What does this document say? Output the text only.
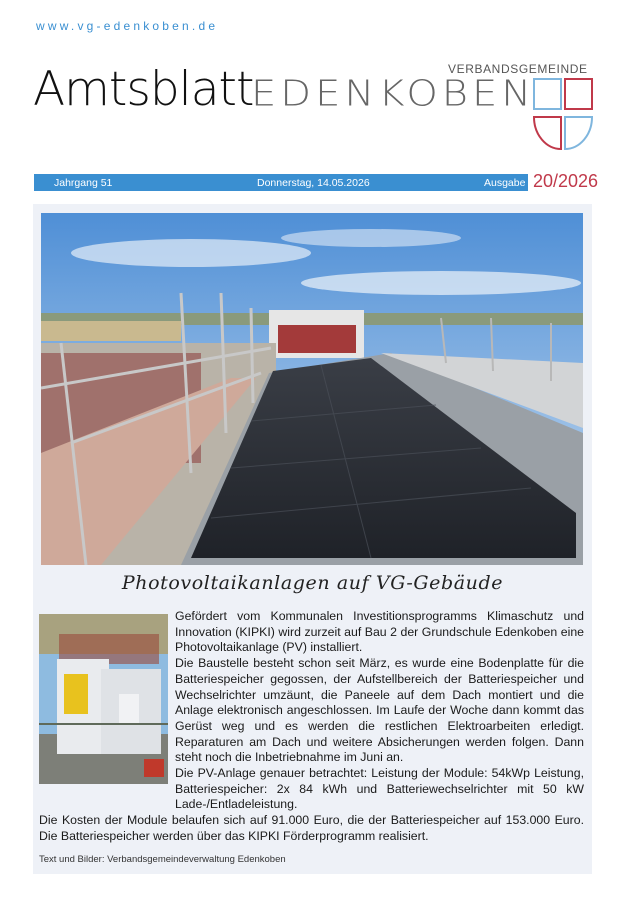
www.vg-edenkoben.de
Amtsblatt	VERBANDSGEMEINDE
EDENKOBEN
Jahrgang 51	Donnerstag, 14.05.2026	Ausgabe 20/2026
Photovoltaikanlagen auf VG-Gebäude

Gefördert vom Kommunalen Investitionsprogramms Klimaschutz und Innovation (KIPKI) wird zurzeit auf Bau 2 der Grundschule Edenkoben eine Photovoltaikanlage (PV) installiert.

Die Baustelle besteht schon seit März, es wurde eine Bodenplatte für die Batteriespeicher gegossen, der Aufstellbereich der Batteriespeicher und Wechselrichter umzäunt, die Paneele auf dem Dach montiert und die Anlage elektronisch angeschlossen. Im Laufe der Woche dann kommt das Gerüst weg und es werden die restlichen Elektroarbeiten erledigt. Reparaturen am Dach und weitere Absicherungen werden folgen. Dann steht noch die Inbetriebnahme im Juni an.

Die PV-Anlage genauer betrachtet: Leistung der Module: 54kWp Leistung, Batteriespeicher: 2x 84 kWh und Batteriewechselrichter mit 50 kW Lade-/Entladeleistung.

Die Kosten der Module belaufen sich auf 91.000 Euro, die der Batteriespeicher auf 153.000 Euro. Die Batteriespeicher werden über das KIPKI Förderprogramm realisiert.

Text und Bilder: Verbandsgemeindeverwaltung Edenkoben
